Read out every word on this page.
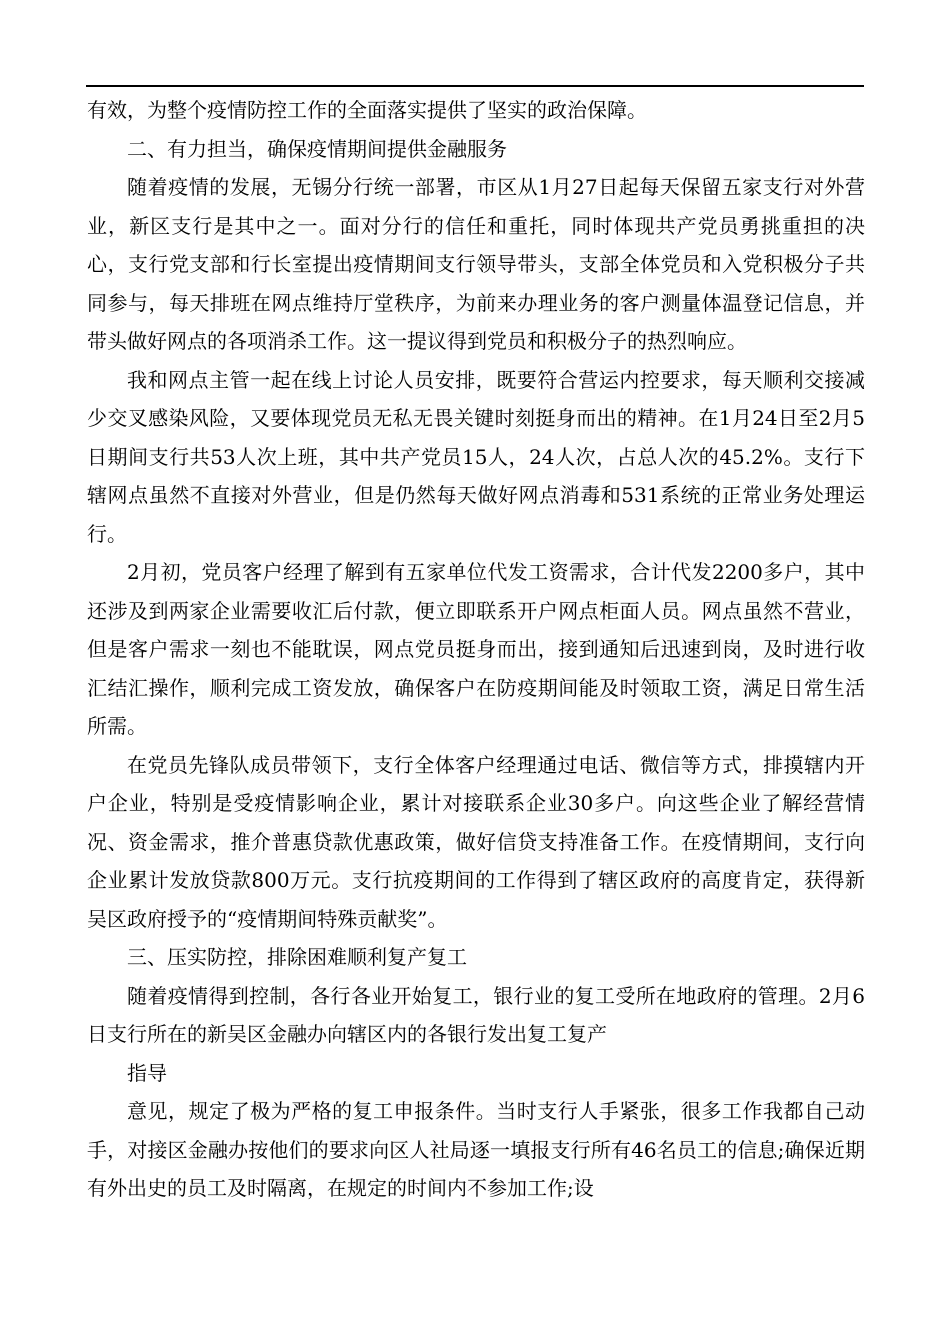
有效，为整个疫情防控工作的全面落实提供了坚实的政治保障。

二、有力担当，确保疫情期间提供金融服务

随着疫情的发展，无锡分行统一部署，市区从1月27日起每天保留五家支行对外营业，新区支行是其中之一。面对分行的信任和重托，同时体现共产党员勇挑重担的决心，支行党支部和行长室提出疫情期间支行领导带头，支部全体党员和入党积极分子共同参与，每天排班在网点维持厅堂秩序，为前来办理业务的客户测量体温登记信息，并带头做好网点的各项消杀工作。这一提议得到党员和积极分子的热烈响应。

我和网点主管一起在线上讨论人员安排，既要符合营运内控要求，每天顺利交接减少交叉感染风险，又要体现党员无私无畏关键时刻挺身而出的精神。在1月24日至2月5日期间支行共53人次上班，其中共产党员15人，24人次，占总人次的45.2%。支行下辖网点虽然不直接对外营业，但是仍然每天做好网点消毒和531系统的正常业务处理运行。

2月初，党员客户经理了解到有五家单位代发工资需求，合计代发2200多户，其中还涉及到两家企业需要收汇后付款，便立即联系开户网点柜面人员。网点虽然不营业，但是客户需求一刻也不能耽误，网点党员挺身而出，接到通知后迅速到岗，及时进行收汇结汇操作，顺利完成工资发放，确保客户在防疫期间能及时领取工资，满足日常生活所需。

在党员先锋队成员带领下，支行全体客户经理通过电话、微信等方式，排摸辖内开户企业，特别是受疫情影响企业，累计对接联系企业30多户。向这些企业了解经营情况、资金需求，推介普惠贷款优惠政策，做好信贷支持准备工作。在疫情期间，支行向企业累计发放贷款800万元。支行抗疫期间的工作得到了辖区政府的高度肯定，获得新吴区政府授予的“疫情期间特殊贡献奖”。

三、压实防控，排除困难顺利复产复工

随着疫情得到控制，各行各业开始复工，银行业的复工受所在地政府的管理。2月6日支行所在的新吴区金融办向辖区内的各银行发出复工复产

指导

意见，规定了极为严格的复工申报条件。当时支行人手紧张，很多工作我都自己动手，对接区金融办按他们的要求向区人社局逐一填报支行所有46名员工的信息;确保近期有外出史的员工及时隔离，在规定的时间内不参加工作;设
